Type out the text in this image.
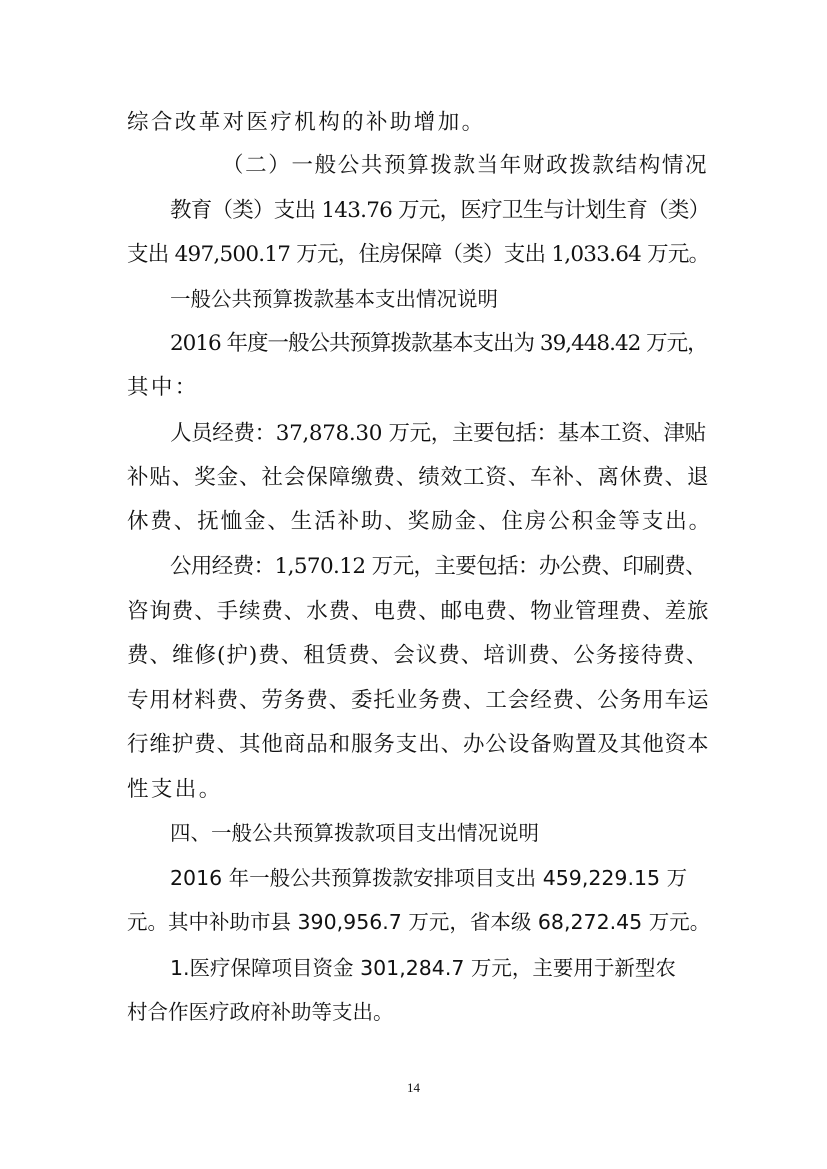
综合改革对医疗机构的补助增加。
（二）一般公共预算拨款当年财政拨款结构情况
教育（类）支出 143.76 万元，医疗卫生与计划生育（类）
支出 497,500.17 万元，住房保障（类）支出 1,033.64 万元。
一般公共预算拨款基本支出情况说明
2016 年度一般公共预算拨款基本支出为 39,448.42 万元，
其中：
人员经费：37,878.30 万元，主要包括：基本工资、津贴
补贴、奖金、社会保障缴费、绩效工资、车补、离休费、退
休费、抚恤金、生活补助、奖励金、住房公积金等支出。
公用经费：1,570.12 万元，主要包括：办公费、印刷费、
咨询费、手续费、水费、电费、邮电费、物业管理费、差旅
费、维修(护)费、租赁费、会议费、培训费、公务接待费、
专用材料费、劳务费、委托业务费、工会经费、公务用车运
行维护费、其他商品和服务支出、办公设备购置及其他资本
性支出。
四、一般公共预算拨款项目支出情况说明
2016 年一般公共预算拨款安排项目支出 459,229.15 万
元。其中补助市县 390,956.7 万元，省本级 68,272.45 万元。
1.医疗保障项目资金 301,284.7 万元，主要用于新型农
村合作医疗政府补助等支出。
14
